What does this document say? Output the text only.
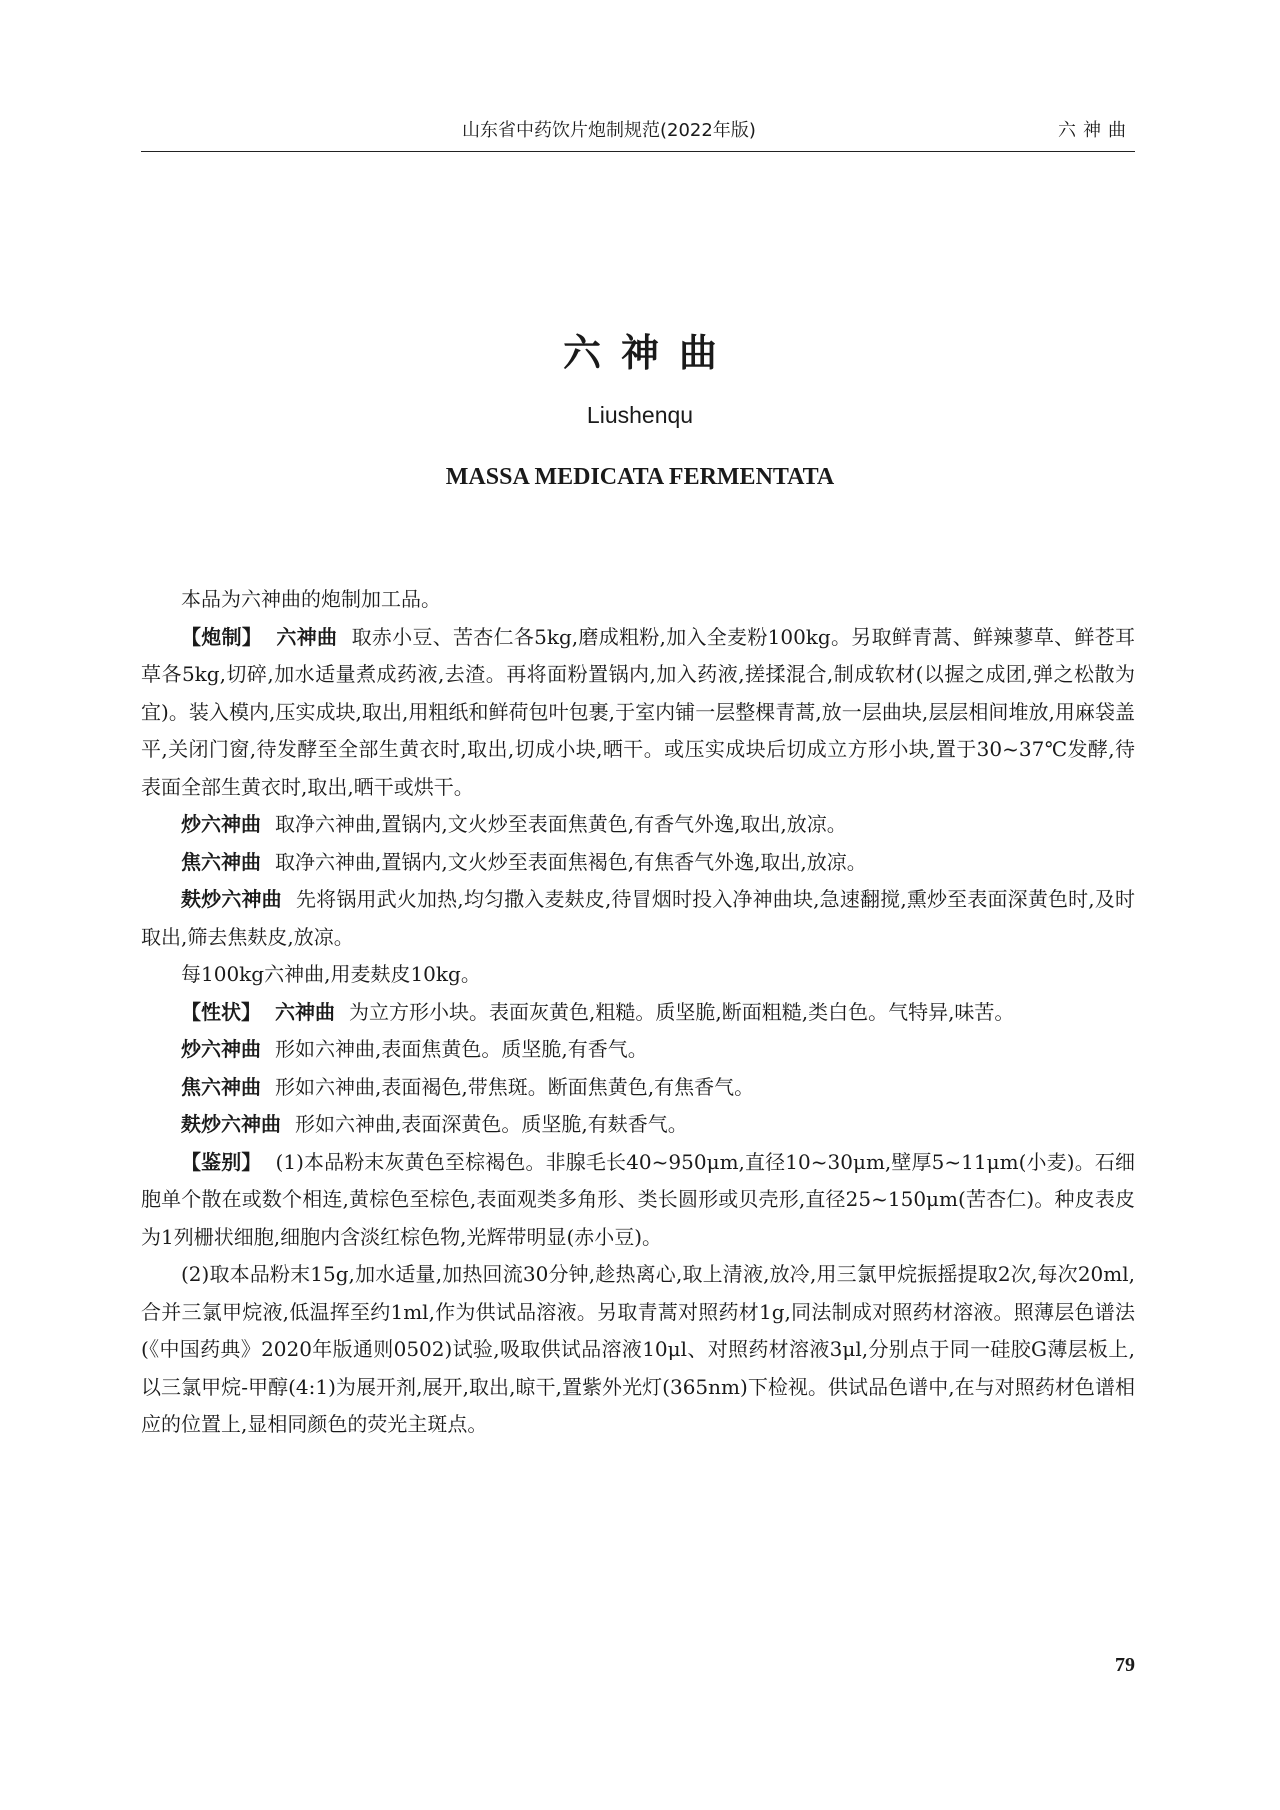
山东省中药饮片炮制规范(2022年版)	六神曲
六神曲
Liushenqu
MASSA MEDICATA FERMENTATA

本品为六神曲的炮制加工品。

【炮制】 六神曲 取赤小豆、苦杏仁各5kg,磨成粗粉,加入全麦粉100kg。另取鲜青蒿、鲜辣蓼草、鲜苍耳草各5kg,切碎,加水适量煮成药液,去渣。再将面粉置锅内,加入药液,搓揉混合,制成软材(以握之成团,弹之松散为宜)。装入模内,压实成块,取出,用粗纸和鲜荷包叶包裹,于室内铺一层整棵青蒿,放一层曲块,层层相间堆放,用麻袋盖平,关闭门窗,待发酵至全部生黄衣时,取出,切成小块,晒干。或压实成块后切成立方形小块,置于30~37℃发酵,待表面全部生黄衣时,取出,晒干或烘干。

炒六神曲 取净六神曲,置锅内,文火炒至表面焦黄色,有香气外逸,取出,放凉。

焦六神曲 取净六神曲,置锅内,文火炒至表面焦褐色,有焦香气外逸,取出,放凉。

麸炒六神曲 先将锅用武火加热,均匀撒入麦麸皮,待冒烟时投入净神曲块,急速翻搅,熏炒至表面深黄色时,及时取出,筛去焦麸皮,放凉。

每100kg六神曲,用麦麸皮10kg。

【性状】 六神曲 为立方形小块。表面灰黄色,粗糙。质坚脆,断面粗糙,类白色。气特异,味苦。

炒六神曲 形如六神曲,表面焦黄色。质坚脆,有香气。

焦六神曲 形如六神曲,表面褐色,带焦斑。断面焦黄色,有焦香气。

麸炒六神曲 形如六神曲,表面深黄色。质坚脆,有麸香气。

【鉴别】 (1)本品粉末灰黄色至棕褐色。非腺毛长40~950μm,直径10~30μm,壁厚5~11μm(小麦)。石细胞单个散在或数个相连,黄棕色至棕色,表面观类多角形、类长圆形或贝壳形,直径25~150μm(苦杏仁)。种皮表皮为1列栅状细胞,细胞内含淡红棕色物,光辉带明显(赤小豆)。

(2)取本品粉末15g,加水适量,加热回流30分钟,趁热离心,取上清液,放冷,用三氯甲烷振摇提取2次,每次20ml,合并三氯甲烷液,低温挥至约1ml,作为供试品溶液。另取青蒿对照药材1g,同法制成对照药材溶液。照薄层色谱法(《中国药典》2020年版通则0502)试验,吸取供试品溶液10μl、对照药材溶液3μl,分别点于同一硅胶G薄层板上,以三氯甲烷-甲醇(4:1)为展开剂,展开,取出,晾干,置紫外光灯(365nm)下检视。供试品色谱中,在与对照药材色谱相应的位置上,显相同颜色的荧光主斑点。

79
